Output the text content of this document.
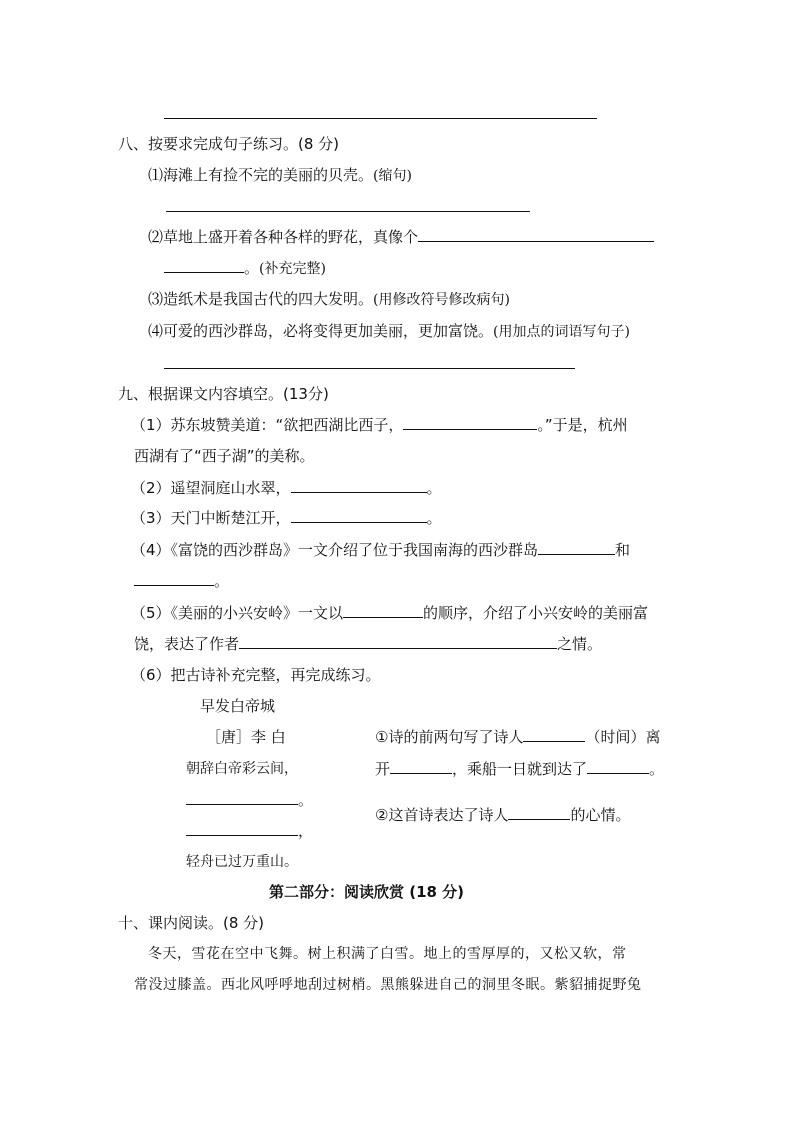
八、按要求完成句子练习。(8 分)
⑴海滩上有捡不完的美丽的贝壳。(缩句)
⑵草地上盛开着各种各样的野花，真像个
。(补充完整)
⑶造纸术是我国古代的四大发明。(用修改符号修改病句)
⑷可爱的西沙群岛，必将变得更加美丽，更加富饶。(用加点的词语写句子)
九、根据课文内容填空。(13分)
（1）苏东坡赞美道：“欲把西湖比西子，	。”于是，杭州
西湖有了“西子湖”的美称。
（2）遥望洞庭山水翠，	。
（3）天门中断楚江开，	。
（4）《富饶的西沙群岛》一文介绍了位于我国南海的西沙群岛	和
。
（5）《美丽的小兴安岭》一文以	的顺序，介绍了小兴安岭的美丽富
饶，表达了作者	之情。
（6）把古诗补充完整，再完成练习。
早发白帝城
［唐］李 白
朝辞白帝彩云间，
。
，
轻舟已过万重山。
①诗的前两句写了诗人	（时间）离
开	，乘船一日就到达了	。
②这首诗表达了诗人	的心情。
第二部分：阅读欣赏 (18 分)
十、课内阅读。(8 分)
冬天，雪花在空中飞舞。树上积满了白雪。地上的雪厚厚的，又松又软，常
常没过膝盖。西北风呼呼地刮过树梢。黑熊躲进自己的洞里冬眠。紫貂捕捉野兔
